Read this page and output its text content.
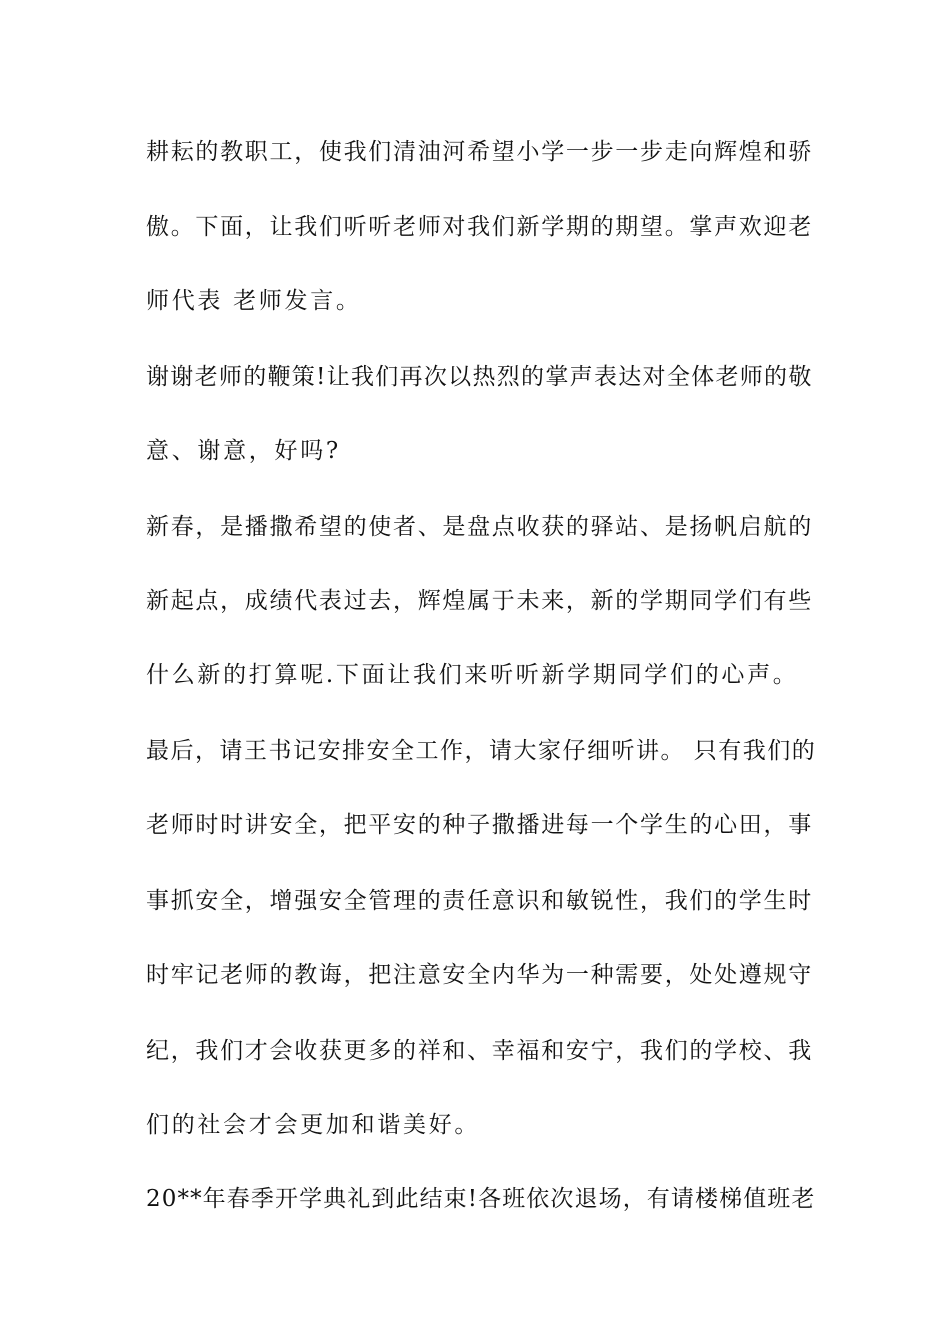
耕耘的教职工，使我们清油河希望小学一步一步走向辉煌和骄
傲。下面，让我们听听老师对我们新学期的期望。掌声欢迎老
师代表 老师发言。
谢谢老师的鞭策!让我们再次以热烈的掌声表达对全体老师的敬
意、谢意，好吗?
新春，是播撒希望的使者、是盘点收获的驿站、是扬帆启航的
新起点，成绩代表过去，辉煌属于未来，新的学期同学们有些
什么新的打算呢.下面让我们来听听新学期同学们的心声。
最后，请王书记安排安全工作，请大家仔细听讲。 只有我们的
老师时时讲安全，把平安的种子撒播进每一个学生的心田，事
事抓安全，增强安全管理的责任意识和敏锐性，我们的学生时
时牢记老师的教诲，把注意安全内华为一种需要，处处遵规守
纪，我们才会收获更多的祥和、幸福和安宁，我们的学校、我
们的社会才会更加和谐美好。
20**年春季开学典礼到此结束!各班依次退场，有请楼梯值班老
